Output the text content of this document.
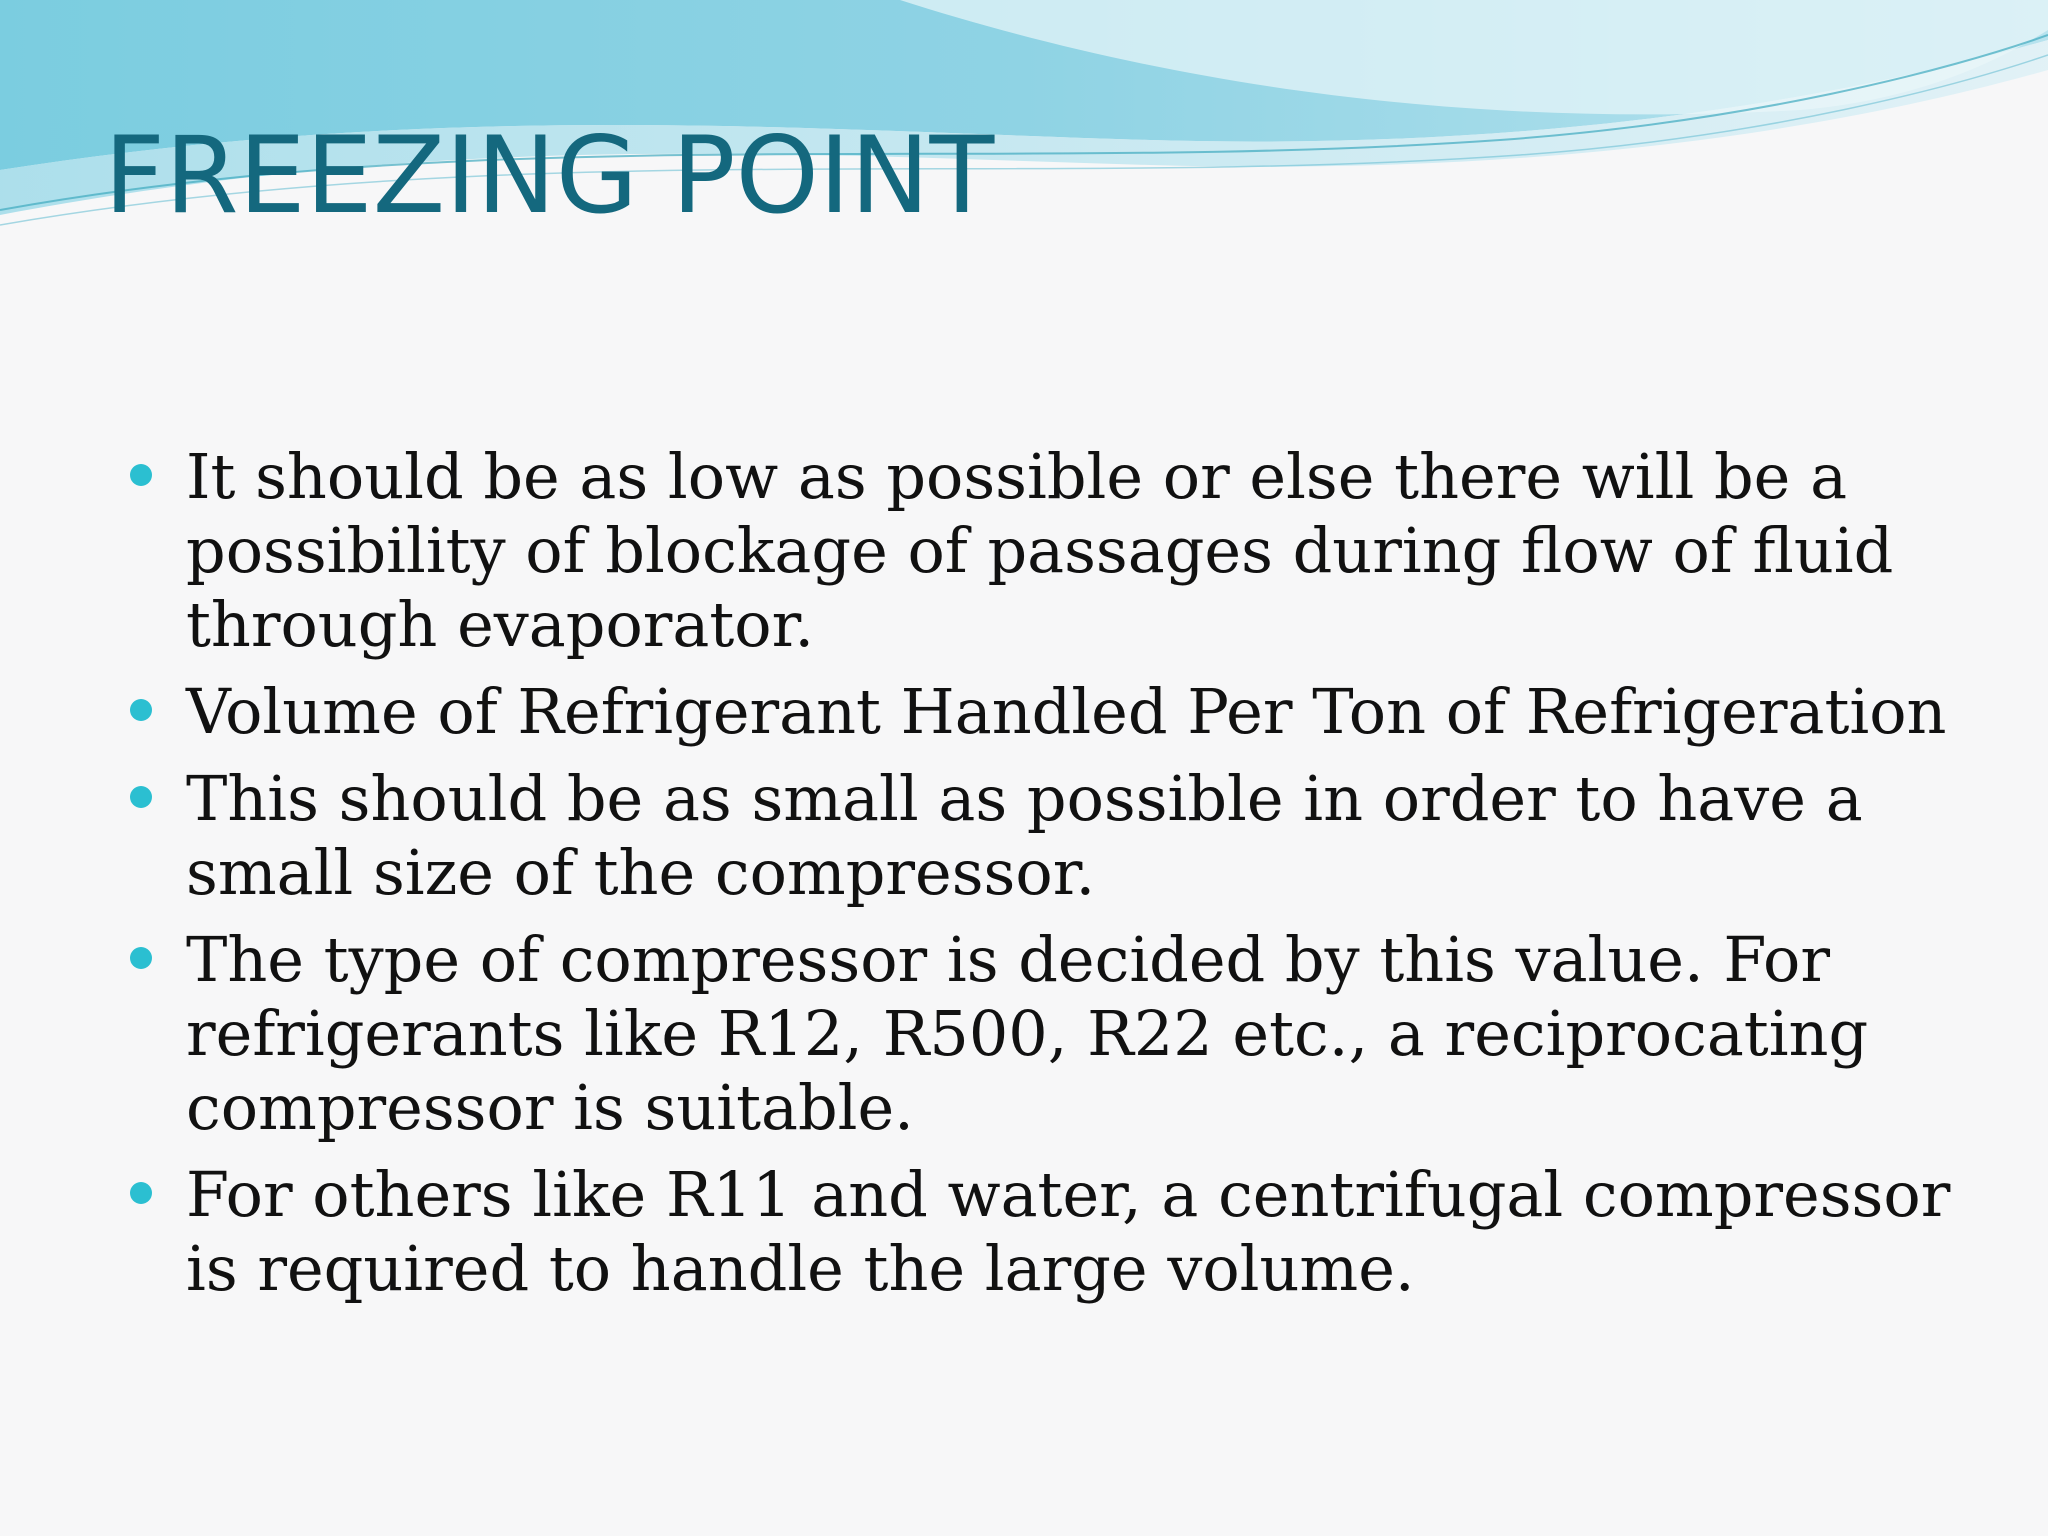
FREEZING POINT
It should be as low as possible or else there will be a possibility of blockage of passages during flow of fluid through evaporator.
Volume of Refrigerant Handled Per Ton of Refrigeration
This should be as small as possible in order to have a small size of the compressor.
The type of compressor is decided by this value. For refrigerants like R12, R500, R22 etc., a reciprocating compressor is suitable.
For others like R11 and water, a centrifugal compressor is required to handle the large volume.
